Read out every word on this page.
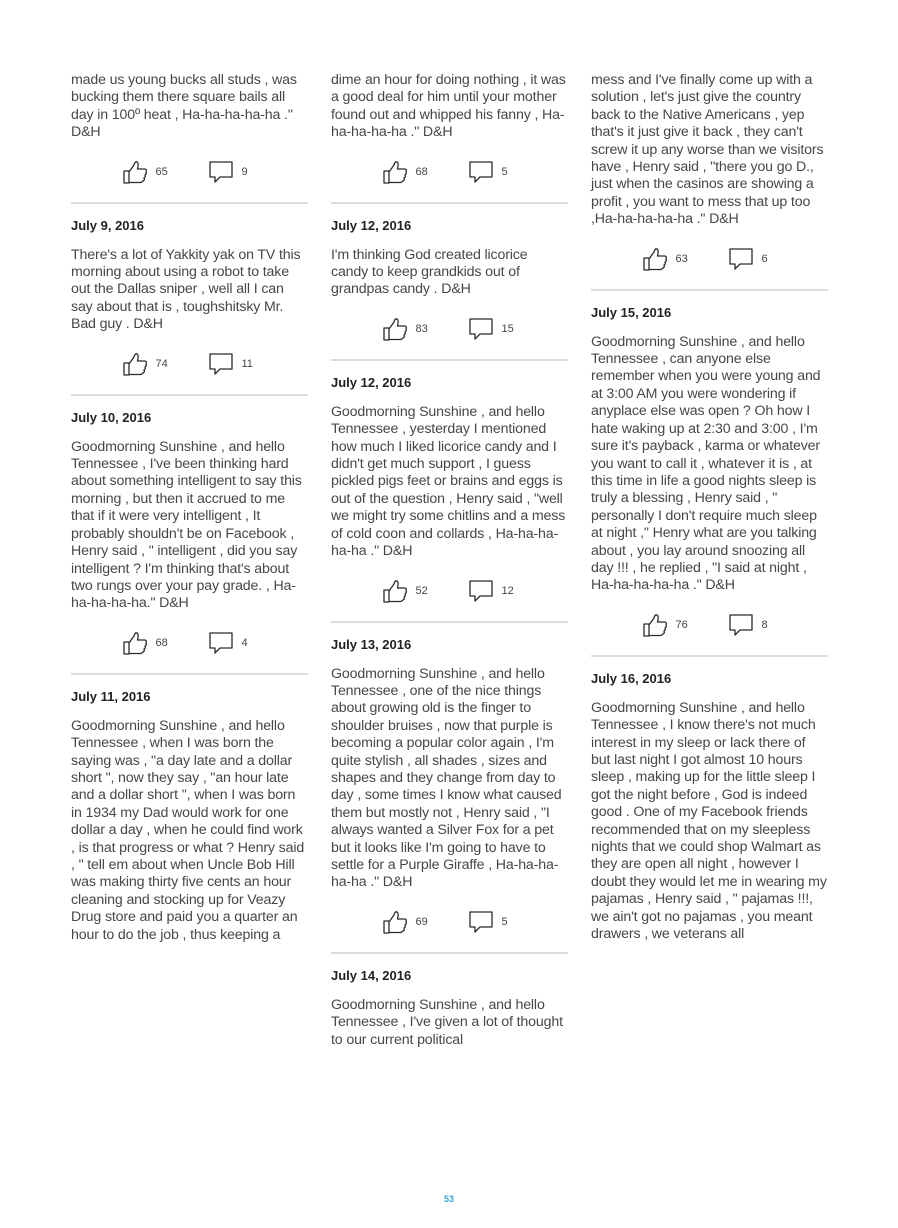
made us young bucks all studs , was bucking them there square bails all day in 100º heat , Ha-ha-ha-ha-ha ." D&H

65	9

July 9, 2016

There's a lot of Yakkity yak on TV this morning about using a robot to take out the Dallas sniper , well all I can say about that is , toughshitsky Mr. Bad guy . D&H

74	11

July 10, 2016

Goodmorning Sunshine , and hello Tennessee , I've been thinking hard about something intelligent to say this morning , but then it accrued to me that if it were very intelligent , It probably shouldn't be on Facebook , Henry said , " intelligent , did you say intelligent ? I'm thinking that's about two rungs over your pay grade. , Ha-ha-ha-ha-ha." D&H

68	4

July 11, 2016

Goodmorning Sunshine , and hello Tennessee , when I was born the saying was , "a day late and a dollar short ", now they say , "an hour late and a dollar short ", when I was born in 1934 my Dad would work for one dollar a day , when he could find work , is that progress or what ? Henry said , " tell em about when Uncle Bob Hill was making thirty five cents an hour cleaning and stocking up for Veazy Drug store and paid you a quarter an hour to do the job , thus keeping a

dime an hour for doing nothing , it was a good deal for him until your mother found out and whipped his fanny , Ha-ha-ha-ha-ha ." D&H

68	5

July 12, 2016

I'm thinking God created licorice candy to keep grandkids out of grandpas candy . D&H

83	15

July 12, 2016

Goodmorning Sunshine , and hello Tennessee , yesterday I mentioned how much I liked licorice candy and I didn't get much support , I guess pickled pigs feet or brains and eggs is out of the question , Henry said , "well we might try some chitlins and a mess of cold coon and collards , Ha-ha-ha-ha-ha ." D&H

52	12

July 13, 2016

Goodmorning Sunshine , and hello Tennessee , one of the nice things about growing old is the finger to shoulder bruises , now that purple is becoming a popular color again , I'm quite stylish , all shades , sizes and shapes and they change from day to day , some times I know what caused them but mostly not , Henry said , "I always wanted a Silver Fox for a pet but it looks like I'm going to have to settle for a Purple Giraffe , Ha-ha-ha-ha-ha ." D&H

69	5

July 14, 2016

Goodmorning Sunshine , and hello Tennessee , I've given a lot of thought to our current political

mess and I've finally come up with a solution , let's just give the country back to the Native Americans , yep that's it just give it back , they can't screw it up any worse than we visitors have , Henry said , "there you go D., just when the casinos are showing a profit , you want to mess that up too ,Ha-ha-ha-ha-ha ." D&H

63	6

July 15, 2016

Goodmorning Sunshine , and hello Tennessee , can anyone else remember when you were young and at 3:00 AM you were wondering if anyplace else was open ? Oh how I hate waking up at 2:30 and 3:00 , I'm sure it's payback , karma or whatever you want to call it , whatever it is , at this time in life a good nights sleep is truly a blessing , Henry said , " personally I don't require much sleep at night ," Henry what are you talking about , you lay around snoozing all day !!! , he replied , "I said at night , Ha-ha-ha-ha-ha ." D&H

76	8

July 16, 2016

Goodmorning Sunshine , and hello Tennessee , I know there's not much interest in my sleep or lack there of but last night I got almost 10 hours sleep , making up for the little sleep I got the night before , God is indeed good . One of my Facebook friends recommended that on my sleepless nights that we could shop Walmart as they are open all night , however I doubt they would let me in wearing my pajamas , Henry said , " pajamas !!!, we ain't got no pajamas , you meant drawers , we veterans all

53
